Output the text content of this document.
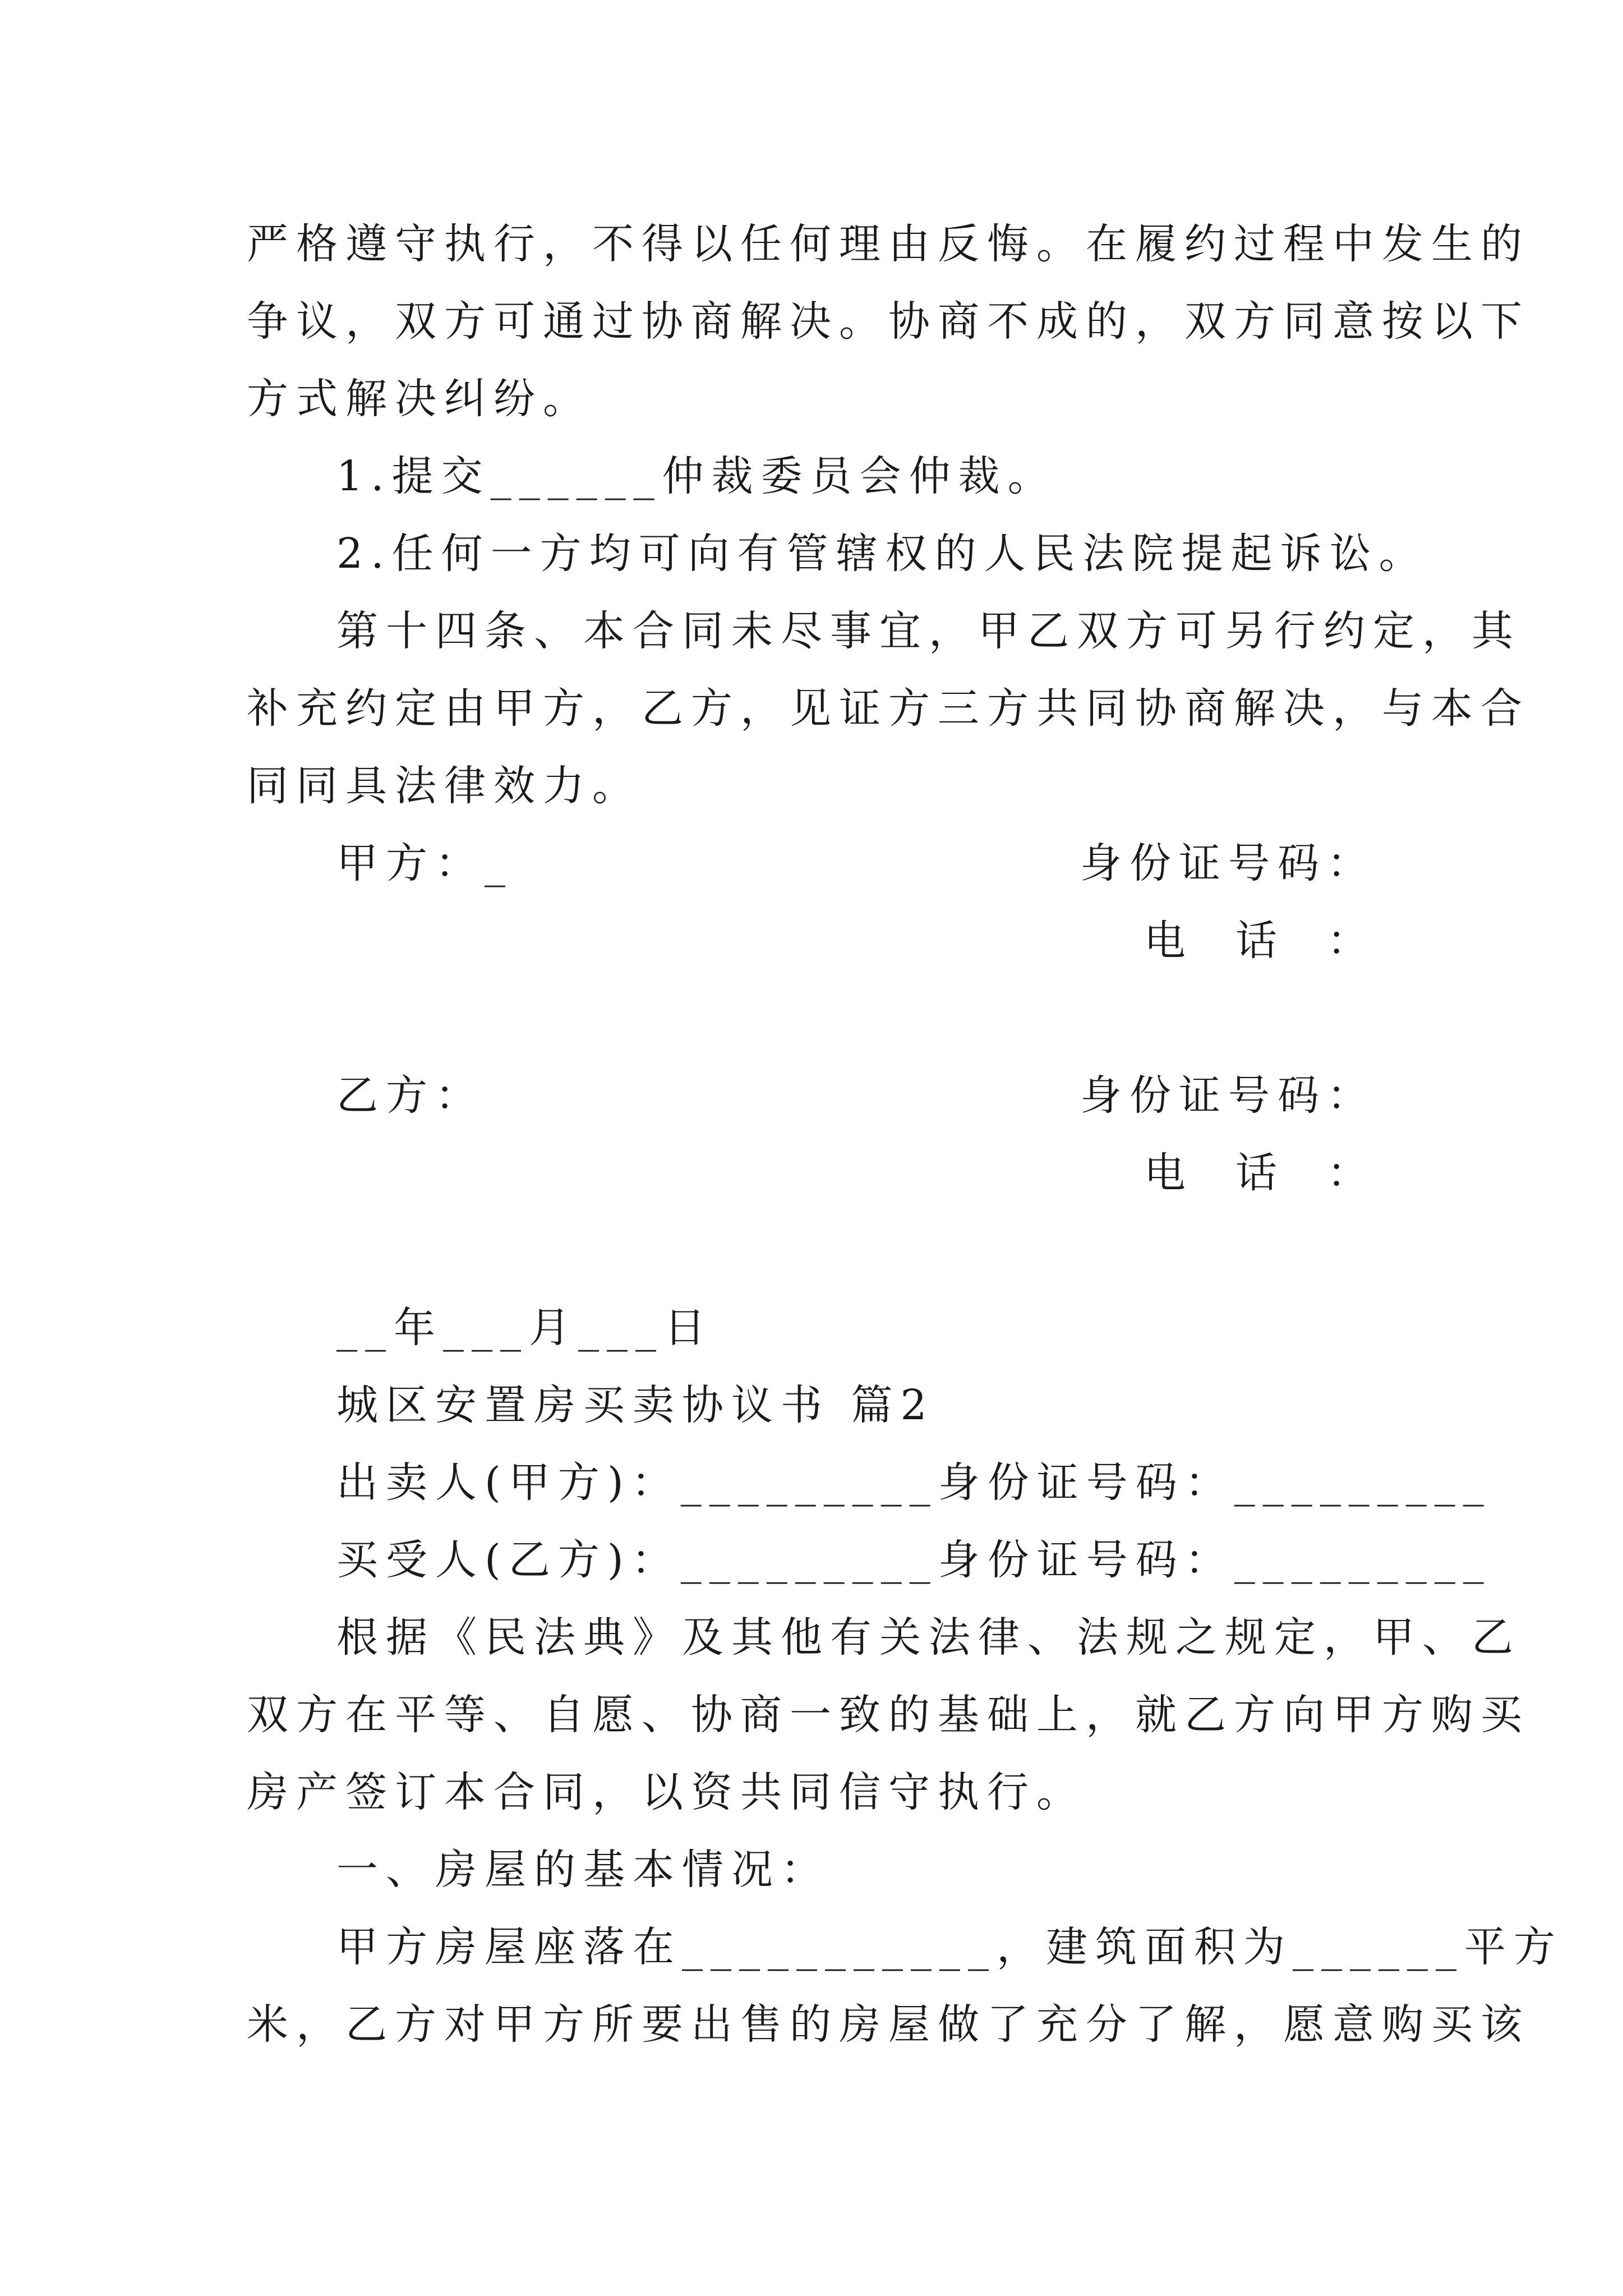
严格遵守执行，不得以任何理由反悔。在履约过程中发生的
争议，双方可通过协商解决。协商不成的，双方同意按以下
方式解决纠纷。
1.提交______仲裁委员会仲裁。
2.任何一方均可向有管辖权的人民法院提起诉讼。
第十四条、本合同未尽事宜，甲乙双方可另行约定，其
补充约定由甲方，乙方，见证方三方共同协商解决，与本合
同同具法律效力。
甲方：_	身份证号码：
电  话  ：
乙方：	身份证号码：
电  话  ：
__年___月___日
城区安置房买卖协议书 篇2
出卖人(甲方)：_________身份证号码：_________
买受人(乙方)：_________身份证号码：_________
根据《民法典》及其他有关法律、法规之规定，甲、乙
双方在平等、自愿、协商一致的基础上，就乙方向甲方购买
房产签订本合同，以资共同信守执行。
一、房屋的基本情况：
甲方房屋座落在___________，建筑面积为______平方
米，乙方对甲方所要出售的房屋做了充分了解，愿意购买该
